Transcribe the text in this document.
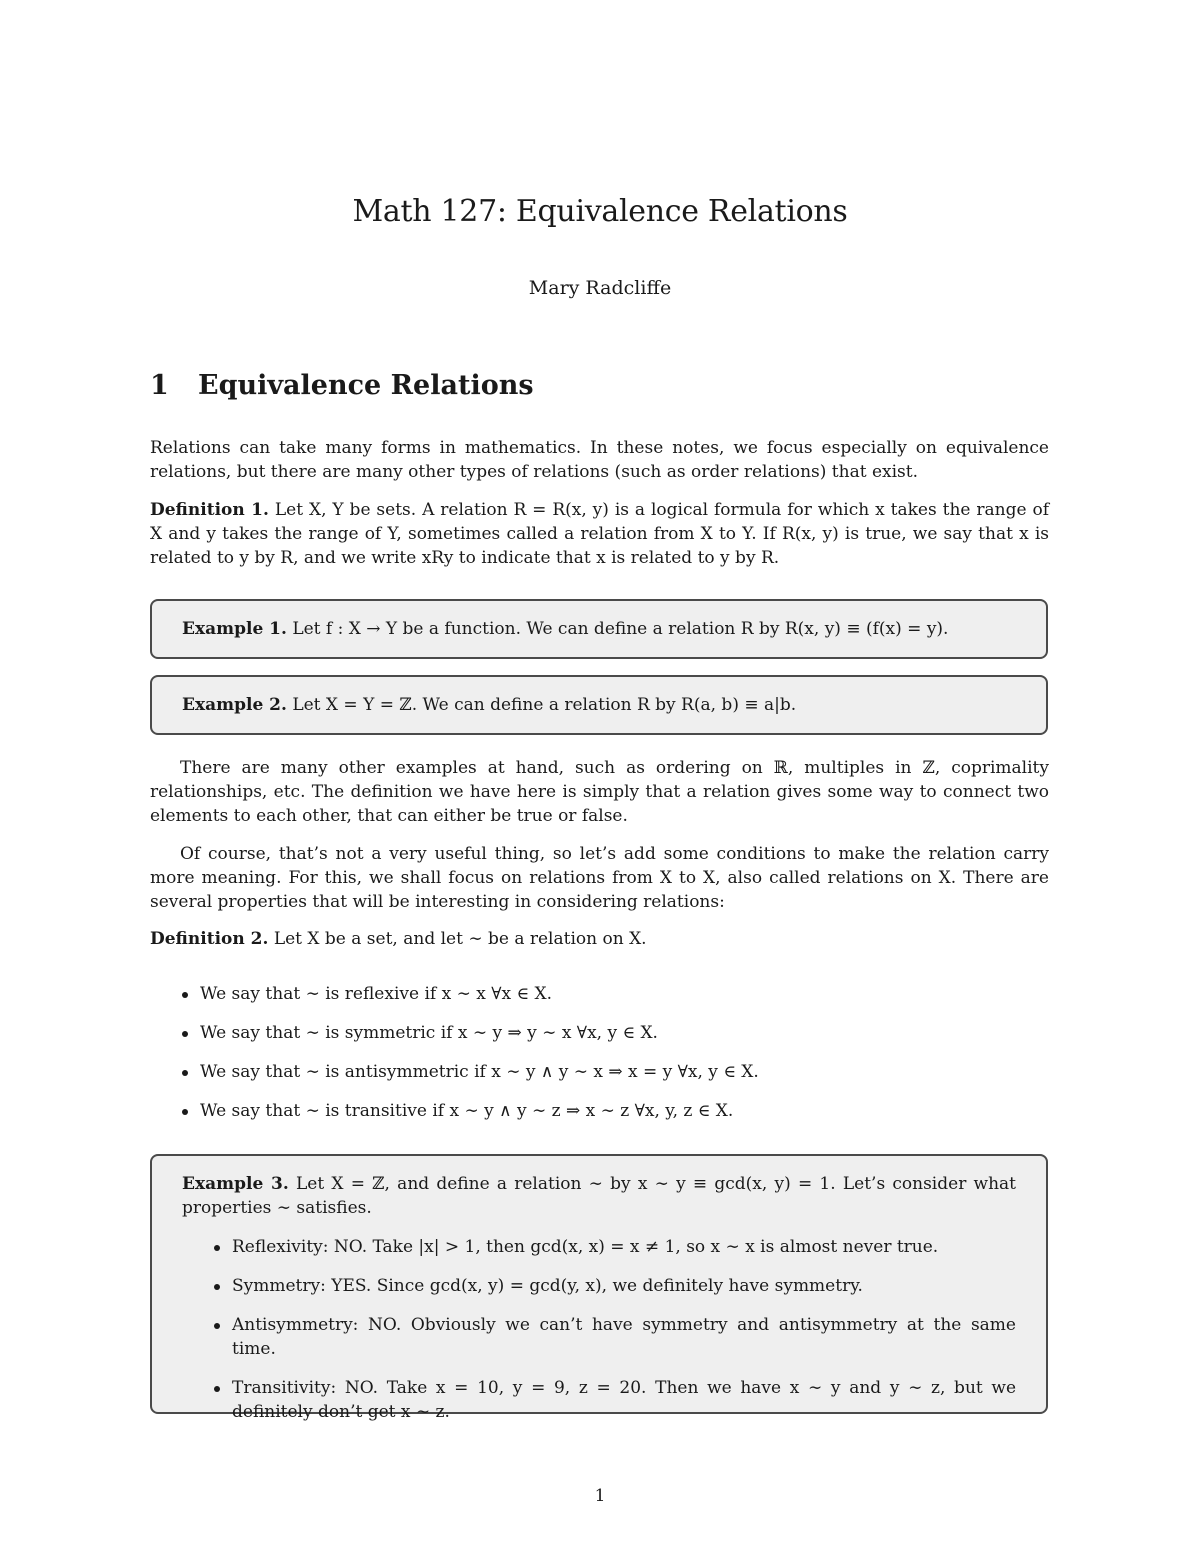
Math 127: Equivalence Relations
Mary Radcliffe
1 Equivalence Relations
Relations can take many forms in mathematics. In these notes, we focus especially on equivalence relations, but there are many other types of relations (such as order relations) that exist.
Definition 1. Let X, Y be sets. A relation R = R(x, y) is a logical formula for which x takes the range of X and y takes the range of Y, sometimes called a relation from X to Y. If R(x, y) is true, we say that x is related to y by R, and we write xRy to indicate that x is related to y by R.
Example 1. Let f : X → Y be a function. We can define a relation R by R(x, y) ≡ (f(x) = y).
Example 2. Let X = Y = ℤ. We can define a relation R by R(a, b) ≡ a|b.
There are many other examples at hand, such as ordering on ℝ, multiples in ℤ, coprimality relationships, etc. The definition we have here is simply that a relation gives some way to connect two elements to each other, that can either be true or false.
Of course, that’s not a very useful thing, so let’s add some conditions to make the relation carry more meaning. For this, we shall focus on relations from X to X, also called relations on X. There are several properties that will be interesting in considering relations:
Definition 2. Let X be a set, and let ∼ be a relation on X.
We say that ∼ is reflexive if x ∼ x ∀x ∈ X.
We say that ∼ is symmetric if x ∼ y ⇒ y ∼ x ∀x, y ∈ X.
We say that ∼ is antisymmetric if x ∼ y ∧ y ∼ x ⇒ x = y ∀x, y ∈ X.
We say that ∼ is transitive if x ∼ y ∧ y ∼ z ⇒ x ∼ z ∀x, y, z ∈ X.
Example 3. Let X = ℤ, and define a relation ∼ by x ∼ y ≡ gcd(x, y) = 1. Let’s consider what properties ∼ satisfies.
Reflexivity: NO. Take |x| > 1, then gcd(x, x) = x ≠ 1, so x ∼ x is almost never true.
Symmetry: YES. Since gcd(x, y) = gcd(y, x), we definitely have symmetry.
Antisymmetry: NO. Obviously we can’t have symmetry and antisymmetry at the same time.
Transitivity: NO. Take x = 10, y = 9, z = 20. Then we have x ∼ y and y ∼ z, but we definitely don’t get x ∼ z.
1
